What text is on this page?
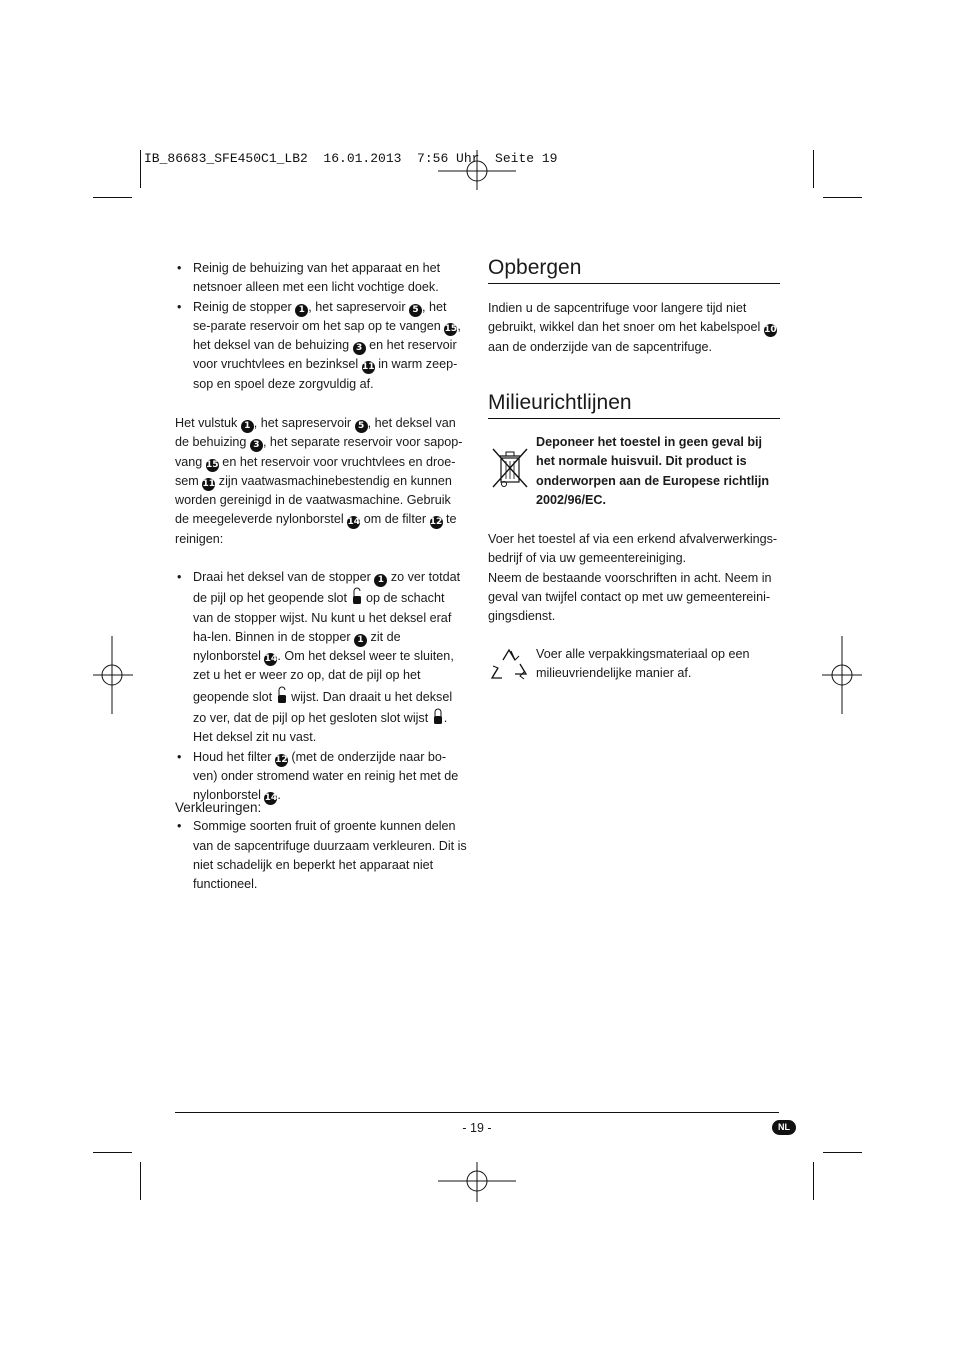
IB_86683_SFE450C1_LB2  16.01.2013  7:56 Uhr  Seite 19

• Reinig de behuizing van het apparaat en het netsnoer alleen met een licht vochtige doek.

• Reinig de stopper 1 , het sapreservoir 5 , het se-parate reservoir om het sap op te vangen 15, het deksel van de behuizing 3 en het reservoir voor vruchtvlees en bezinksel 11 in warm zeep-sop en spoel deze zorgvuldig af.

Het vulstuk 1 , het sapreservoir 5 , het deksel van de behuizing 3 , het separate reservoir voor sapop-vang 15 en het reservoir voor vruchtvlees en droe-sem 11 zijn vaatwasmachinebestendig en kunnen worden gereinigd in de vaatwasmachine. Gebruik de meegeleverde nylonborstel 14 om de filter 12 te reinigen:

• Draai het deksel van de stopper 1 zo ver totdat de pijl op het geopende slot  op de schacht van de stopper wijst. Nu kunt u het deksel eraf ha-len. Binnen in de stopper 1 zit de nylonborstel 14. Om het deksel weer te sluiten, zet u het er weer zo op, dat de pijl op het geopende slot  wijst. Dan draait u het deksel zo ver, dat de pijl op het gesloten slot wijst . Het deksel zit nu vast.

• Houd het filter 12 (met de onderzijde naar bo-ven) onder stromend water en reinig het met de nylonborstel 14.

Verkleuringen:

• Sommige soorten fruit of groente kunnen delen van de sapcentrifuge duurzaam verkleuren. Dit is niet schadelijk en beperkt het apparaat niet functioneel.

Opbergen

Indien u de sapcentrifuge voor langere tijd niet gebruikt, wikkel dan het snoer om het kabelspoel 10 aan de onderzijde van de sapcentrifuge.

Milieurichtlijnen

Deponeer het toestel in geen geval bij het normale huisvuil. Dit product is onderworpen aan de Europese richtlijn 2002/96/EC.

Voer het toestel af via een erkend afvalverwerkings-bedrijf of via uw gemeentereiniging.

Neem de bestaande voorschriften in acht. Neem in geval van twijfel contact op met uw gemeentereini-gingsdienst.

Voer alle verpakkingsmateriaal op een milieuvriendelijke manier af.

- 19 -	NL
